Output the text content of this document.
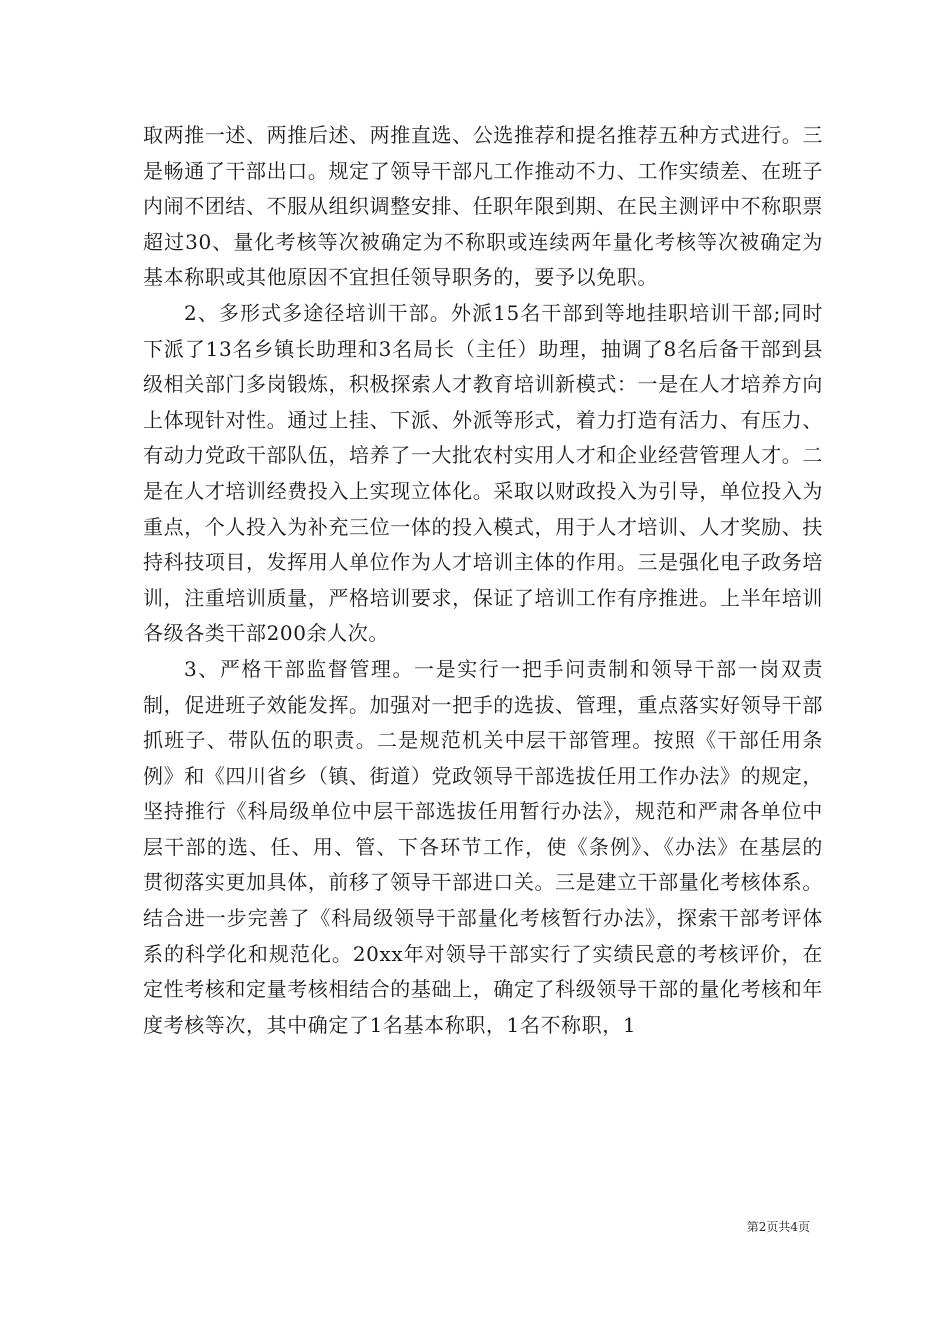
取两推一述、两推后述、两推直选、公选推荐和提名推荐五种方式进行。三是畅通了干部出口。规定了领导干部凡工作推动不力、工作实绩差、在班子内闹不团结、不服从组织调整安排、任职年限到期、在民主测评中不称职票超过30、量化考核等次被确定为不称职或连续两年量化考核等次被确定为基本称职或其他原因不宜担任领导职务的，要予以免职。

2、多形式多途径培训干部。外派15名干部到等地挂职培训干部;同时下派了13名乡镇长助理和3名局长（主任）助理，抽调了8名后备干部到县级相关部门多岗锻炼，积极探索人才教育培训新模式：一是在人才培养方向上体现针对性。通过上挂、下派、外派等形式，着力打造有活力、有压力、有动力党政干部队伍，培养了一大批农村实用人才和企业经营管理人才。二是在人才培训经费投入上实现立体化。采取以财政投入为引导，单位投入为重点，个人投入为补充三位一体的投入模式，用于人才培训、人才奖励、扶持科技项目，发挥用人单位作为人才培训主体的作用。三是强化电子政务培训，注重培训质量，严格培训要求，保证了培训工作有序推进。上半年培训各级各类干部200余人次。

3、严格干部监督管理。一是实行一把手问责制和领导干部一岗双责制，促进班子效能发挥。加强对一把手的选拔、管理，重点落实好领导干部抓班子、带队伍的职责。二是规范机关中层干部管理。按照《干部任用条例》和《四川省乡（镇、街道）党政领导干部选拔任用工作办法》的规定，坚持推行《科局级单位中层干部选拔任用暂行办法》，规范和严肃各单位中层干部的选、任、用、管、下各环节工作，使《条例》、《办法》在基层的贯彻落实更加具体，前移了领导干部进口关。三是建立干部量化考核体系。结合进一步完善了《科局级领导干部量化考核暂行办法》，探索干部考评体系的科学化和规范化。20xx年对领导干部实行了实绩民意的考核评价，在定性考核和定量考核相结合的基础上，确定了科级领导干部的量化考核和年度考核等次，其中确定了1名基本称职，1名不称职，1

第2页共4页
